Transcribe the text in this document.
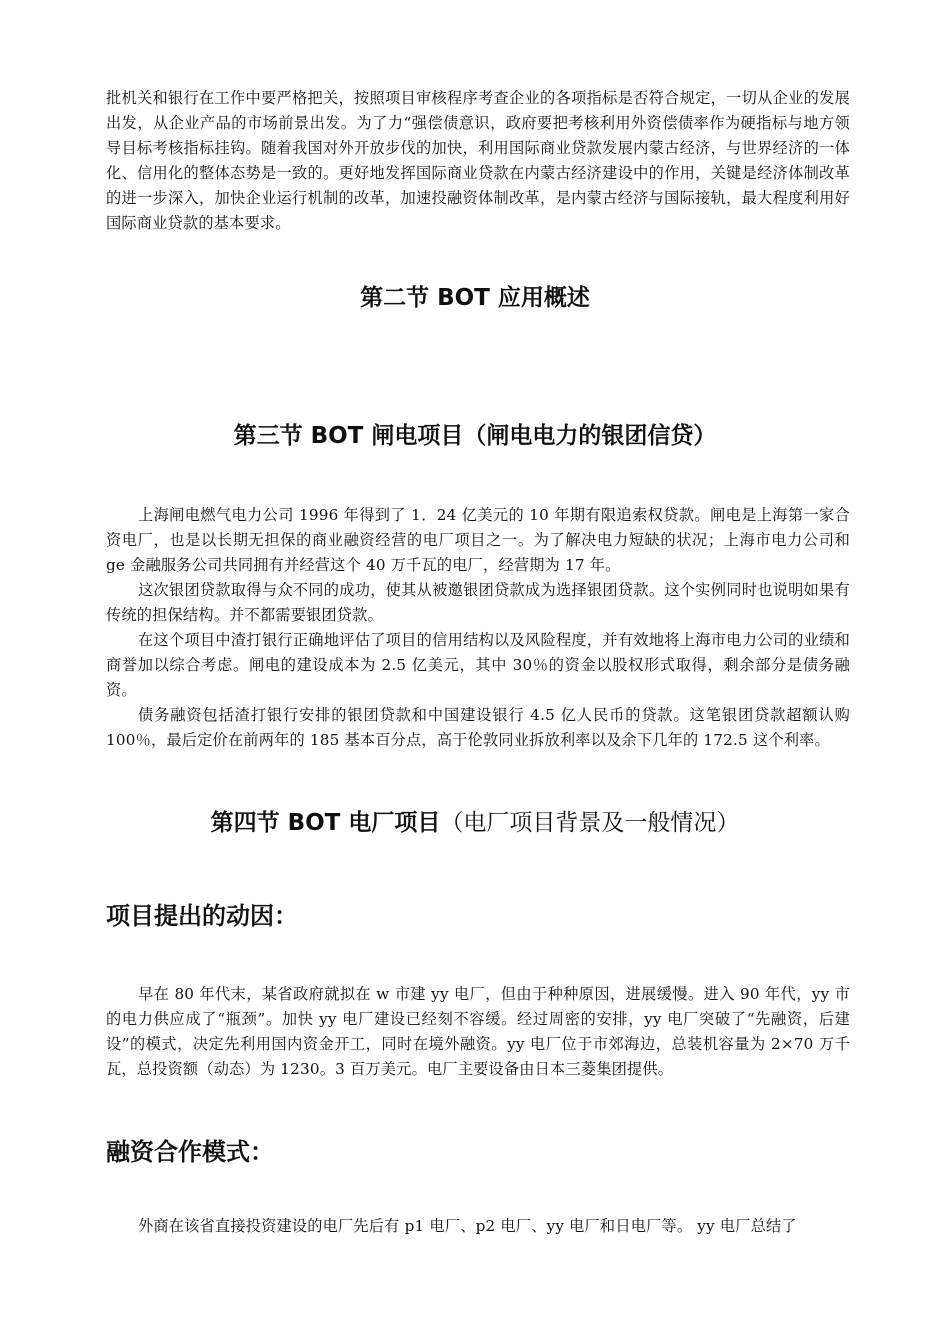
批机关和银行在工作中要严格把关，按照项目审核程序考查企业的各项指标是否符合规定，一切从企业的发展出发，从企业产品的市场前景出发。为了力“强偿债意识，政府要把考核利用外资偿债率作为硬指标与地方领导目标考核指标挂钩。随着我国对外开放步伐的加快，利用国际商业贷款发展内蒙古经济，与世界经济的一体化、信用化的整体态势是一致的。更好地发挥国际商业贷款在内蒙古经济建设中的作用，关键是经济体制改革的进一步深入，加快企业运行机制的改革，加速投融资体制改革，是内蒙古经济与国际接轨，最大程度利用好国际商业贷款的基本要求。

第二节 BOT 应用概述
第三节 BOT 闸电项目（闸电电力的银团信贷）

上海闸电燃气电力公司 1996 年得到了 1．24 亿美元的 10 年期有限追索权贷款。闸电是上海第一家合资电厂，也是以长期无担保的商业融资经营的电厂项目之一。为了解决电力短缺的状况；上海市电力公司和 ge 金融服务公司共同拥有并经营这个 40 万千瓦的电厂，经营期为 17 年。

这次银团贷款取得与众不同的成功，使其从被邀银团贷款成为选择银团贷款。这个实例同时也说明如果有传统的担保结构。并不都需要银团贷款。

在这个项目中渣打银行正确地评估了项目的信用结构以及风险程度，并有效地将上海市电力公司的业绩和商誉加以综合考虑。闸电的建设成本为 2.5 亿美元，其中 30％的资金以股权形式取得，剩余部分是债务融资。

债务融资包括渣打银行安排的银团贷款和中国建设银行 4.5 亿人民币的贷款。这笔银团贷款超额认购 100％，最后定价在前两年的 185 基本百分点，高于伦敦同业拆放利率以及余下几年的 172.5 这个利率。

第四节 BOT 电厂项目（电厂项目背景及一般情况）
项目提出的动因：

早在 80 年代末，某省政府就拟在 w 市建 yy 电厂，但由于种种原因，进展缓慢。进入 90 年代，yy 市的电力供应成了“瓶颈”。加快 yy 电厂建设已经刻不容缓。经过周密的安排，yy 电厂突破了“先融资，后建设”的模式，决定先利用国内资金开工，同时在境外融资。yy 电厂位于市郊海边，总装机容量为 2×70 万千瓦，总投资额（动态）为 1230。3 百万美元。电厂主要设备由日本三菱集团提供。

融资合作模式：

外商在该省直接投资建设的电厂先后有 p1 电厂、p2 电厂、yy 电厂和日电厂等。 yy 电厂总结了
